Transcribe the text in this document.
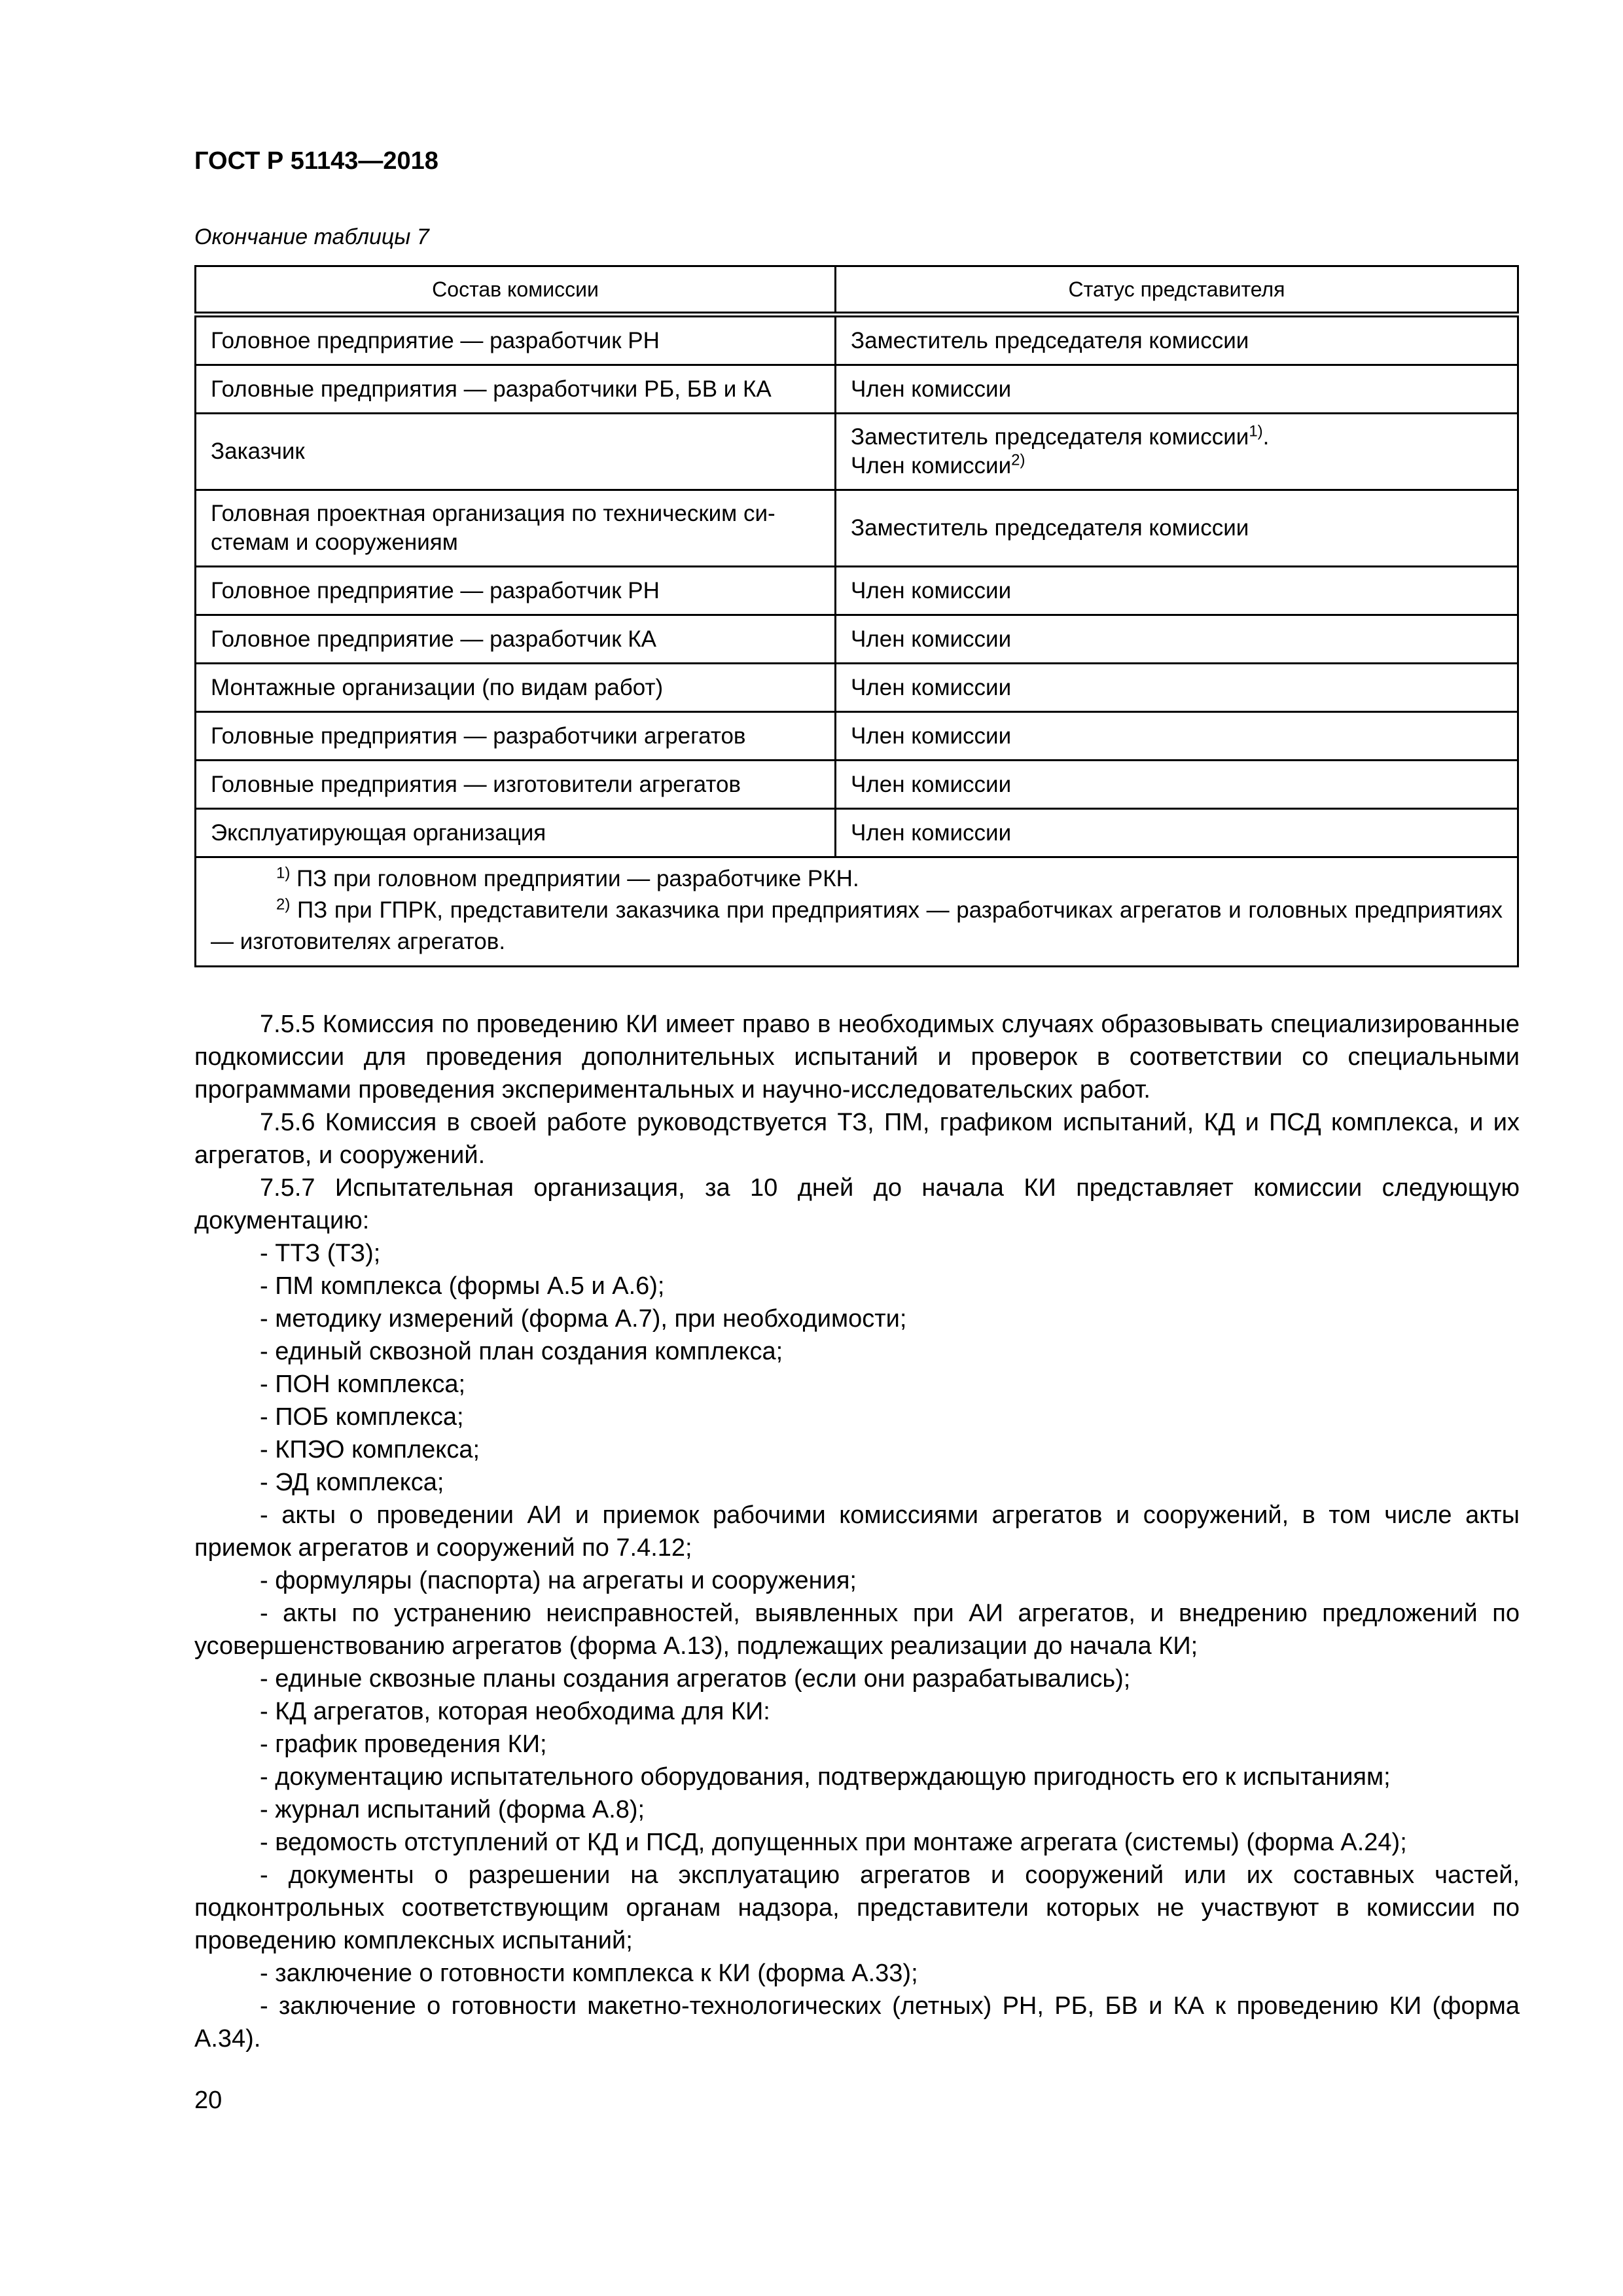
ГОСТ Р 51143—2018
Окончание таблицы 7
Состав комиссии	Статус представителя
Головное предприятие — разработчик РН	Заместитель председателя комиссии
Головные предприятия — разработчики РБ, БВ и КА	Член комиссии
Заказчик	Заместитель председателя комиссии$^{1)}$.
Член комиссии$^{2)}$
Головная проектная организация по техническим системам и сооружениям	Заместитель председателя комиссии
Головное предприятие — разработчик РН	Член комиссии
Головное предприятие — разработчик КА	Член комиссии
Монтажные организации (по видам работ)	Член комиссии
Головные предприятия — разработчики агрегатов	Член комиссии
Головные предприятия — изготовители агрегатов	Член комиссии
Эксплуатирующая организация	Член комиссии

$^{1)}$ ПЗ при головном предприятии — разработчике РКН.

$^{2)}$ ПЗ при ГПРК, представители заказчика при предприятиях — разработчиках агрегатов и головных предприятиях — изготовителях агрегатов.	

7.5.5 Комиссия по проведению КИ имеет право в необходимых случаях образовывать специализированные подкомиссии для проведения дополнительных испытаний и проверок в соответствии со специальными программами проведения экспериментальных и научно-исследовательских работ.

7.5.6 Комиссия в своей работе руководствуется ТЗ, ПМ, графиком испытаний, КД и ПСД комплекса, и их агрегатов, и сооружений.

7.5.7 Испытательная организация, за 10 дней до начала КИ представляет комиссии следующую документацию:

- ТТЗ (ТЗ);

- ПМ комплекса (формы А.5 и А.6);

- методику измерений (форма А.7), при необходимости;

- единый сквозной план создания комплекса;

- ПОН комплекса;

- ПОБ комплекса;

- КПЭО комплекса;

- ЭД комплекса;

- акты о проведении АИ и приемок рабочими комиссиями агрегатов и сооружений, в том числе акты приемок агрегатов и сооружений по 7.4.12;

- формуляры (паспорта) на агрегаты и сооружения;

- акты по устранению неисправностей, выявленных при АИ агрегатов, и внедрению предложений по усовершенствованию агрегатов (форма А.13), подлежащих реализации до начала КИ;

- единые сквозные планы создания агрегатов (если они разрабатывались);

- КД агрегатов, которая необходима для КИ:

- график проведения КИ;

- документацию испытательного оборудования, подтверждающую пригодность его к испытаниям;

- журнал испытаний (форма А.8);

- ведомость отступлений от КД и ПСД, допущенных при монтаже агрегата (системы) (форма А.24);

- документы о разрешении на эксплуатацию агрегатов и сооружений или их составных частей, подконтрольных соответствующим органам надзора, представители которых не участвуют в комиссии по проведению комплексных испытаний;

- заключение о готовности комплекса к КИ (форма А.33);

- заключение о готовности макетно-технологических (летных) РН, РБ, БВ и КА к проведению КИ (форма А.34).

20
